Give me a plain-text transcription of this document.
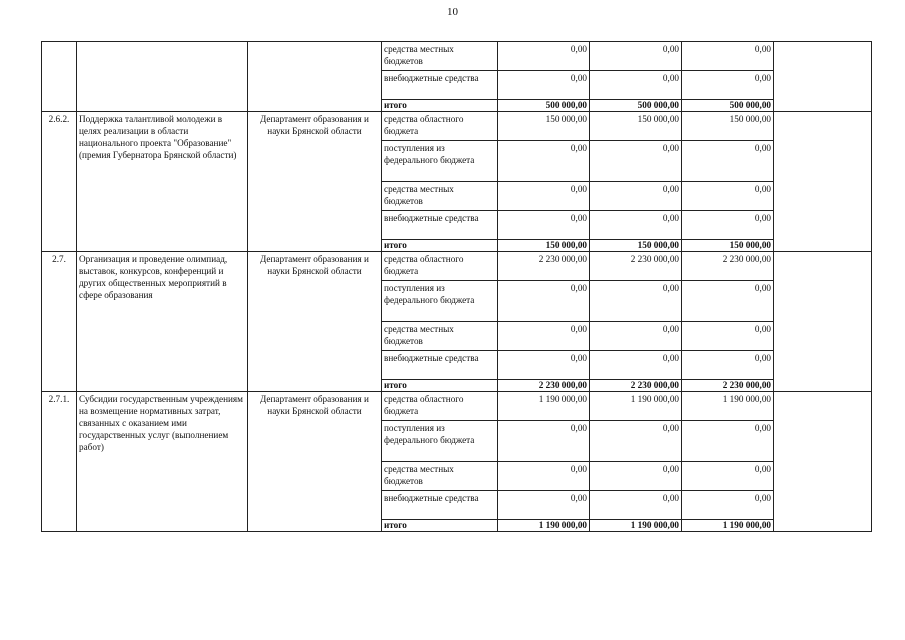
10
			средства местных бюджетов	0,00	0,00	0,00	
			внебюджетные средства	0,00	0,00	0,00	
			итого	500 000,00	500 000,00	500 000,00	
2.6.2.	Поддержка талантливой молодежи в целях реализации в области национального проекта "Образование" (премия Губернатора Брянской области)	Департамент образования и науки Брянской области	средства областного бюджета	150 000,00	150 000,00	150 000,00	
			поступления из федерального бюджета	0,00	0,00	0,00	
			средства местных бюджетов	0,00	0,00	0,00	
			внебюджетные средства	0,00	0,00	0,00	
			итого	150 000,00	150 000,00	150 000,00	
2.7.	Организация и проведение олимпиад, выставок, конкурсов, конференций и других общественных мероприятий в сфере образования	Департамент образования и науки Брянской области	средства областного бюджета	2 230 000,00	2 230 000,00	2 230 000,00	
			поступления из федерального бюджета	0,00	0,00	0,00	
			средства местных бюджетов	0,00	0,00	0,00	
			внебюджетные средства	0,00	0,00	0,00	
			итого	2 230 000,00	2 230 000,00	2 230 000,00	
2.7.1.	Субсидии государственным учреждениям на возмещение нормативных затрат, связанных с оказанием ими государственных услуг (выполнением работ)	Департамент образования и науки Брянской области	средства областного бюджета	1 190 000,00	1 190 000,00	1 190 000,00	
			поступления из федерального бюджета	0,00	0,00	0,00	
			средства местных бюджетов	0,00	0,00	0,00	
			внебюджетные средства	0,00	0,00	0,00	
			итого	1 190 000,00	1 190 000,00	1 190 000,00	
